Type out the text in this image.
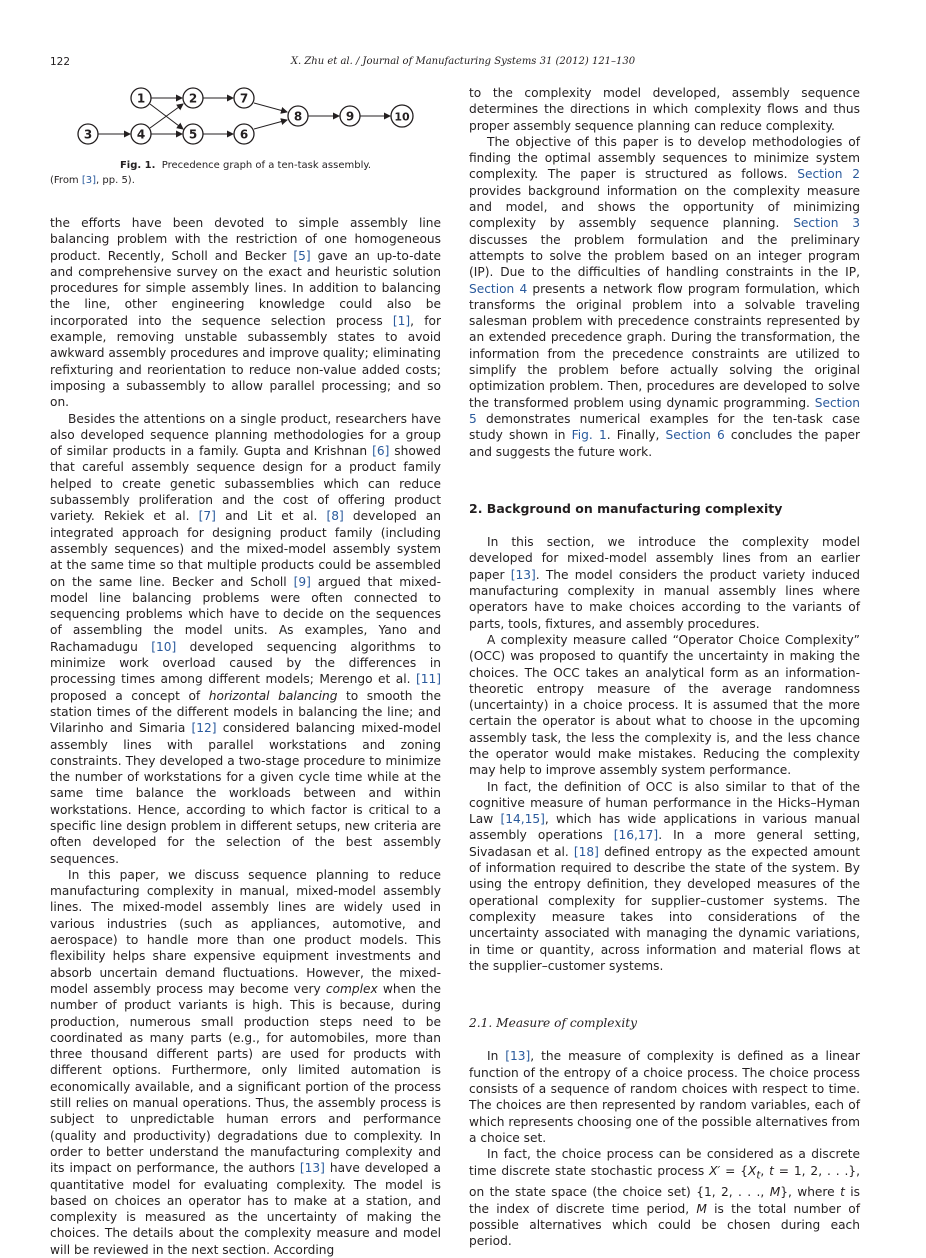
122	X. Zhu et al. / Journal of Manufacturing Systems 31 (2012) 121–130
1	2	7
3	4	5	6
8	9	10
Fig. 1. Precedence graph of a ten-task assembly.
(From [3], pp. 5).

the efforts have been devoted to simple assembly line balancing problem with the restriction of one homogeneous product. Recently, Scholl and Becker [5] gave an up-to-date and comprehensive survey on the exact and heuristic solution procedures for simple assembly lines. In addition to balancing the line, other engineering knowledge could also be incorporated into the sequence selection process [1], for example, removing unstable subassembly states to avoid awkward assembly procedures and improve quality; eliminating refixturing and reorientation to reduce non-value added costs; imposing a subassembly to allow parallel processing; and so on.

Besides the attentions on a single product, researchers have also developed sequence planning methodologies for a group of similar products in a family. Gupta and Krishnan [6] showed that careful assembly sequence design for a product family helped to create genetic subassemblies which can reduce subassembly proliferation and the cost of offering product variety. Rekiek et al. [7] and Lit et al. [8] developed an integrated approach for designing product family (including assembly sequences) and the mixed-model assembly system at the same time so that multiple products could be assembled on the same line. Becker and Scholl [9] argued that mixed-model line balancing problems were often connected to sequencing problems which have to decide on the sequences of assembling the model units. As examples, Yano and Rachamadugu [10] developed sequencing algorithms to minimize work overload caused by the differences in processing times among different models; Merengo et al. [11] proposed a concept of horizontal balancing to smooth the station times of the different models in balancing the line; and Vilarinho and Simaria [12] considered balancing mixed-model assembly lines with parallel workstations and zoning constraints. They developed a two-stage procedure to minimize the number of workstations for a given cycle time while at the same time balance the workloads between and within workstations. Hence, according to which factor is critical to a specific line design problem in different setups, new criteria are often developed for the selection of the best assembly sequences.

In this paper, we discuss sequence planning to reduce manufacturing complexity in manual, mixed-model assembly lines. The mixed-model assembly lines are widely used in various industries (such as appliances, automotive, and aerospace) to handle more than one product models. This flexibility helps share expensive equipment investments and absorb uncertain demand fluctuations. However, the mixed-model assembly process may become very complex when the number of product variants is high. This is because, during production, numerous small production steps need to be coordinated as many parts (e.g., for automobiles, more than three thousand different parts) are used for products with different options. Furthermore, only limited automation is economically available, and a significant portion of the process still relies on manual operations. Thus, the assembly process is subject to unpredictable human errors and performance (quality and productivity) degradations due to complexity. In order to better understand the manufacturing complexity and its impact on performance, the authors [13] have developed a quantitative model for evaluating complexity. The model is based on choices an operator has to make at a station, and complexity is measured as the uncertainty of making the choices. The details about the complexity measure and model will be reviewed in the next section. According

to the complexity model developed, assembly sequence determines the directions in which complexity flows and thus proper assembly sequence planning can reduce complexity.

The objective of this paper is to develop methodologies of finding the optimal assembly sequences to minimize system complexity. The paper is structured as follows. Section 2 provides background information on the complexity measure and model, and shows the opportunity of minimizing complexity by assembly sequence planning. Section 3 discusses the problem formulation and the preliminary attempts to solve the problem based on an integer program (IP). Due to the difficulties of handling constraints in the IP, Section 4 presents a network flow program formulation, which transforms the original problem into a solvable traveling salesman problem with precedence constraints represented by an extended precedence graph. During the transformation, the information from the precedence constraints are utilized to simplify the problem before actually solving the original optimization problem. Then, procedures are developed to solve the transformed problem using dynamic programming. Section 5 demonstrates numerical examples for the ten-task case study shown in Fig. 1. Finally, Section 6 concludes the paper and suggests the future work.

2. Background on manufacturing complexity

In this section, we introduce the complexity model developed for mixed-model assembly lines from an earlier paper [13]. The model considers the product variety induced manufacturing complexity in manual assembly lines where operators have to make choices according to the variants of parts, tools, fixtures, and assembly procedures.

A complexity measure called “Operator Choice Complexity” (OCC) was proposed to quantify the uncertainty in making the choices. The OCC takes an analytical form as an information-theoretic entropy measure of the average randomness (uncertainty) in a choice process. It is assumed that the more certain the operator is about what to choose in the upcoming assembly task, the less the complexity is, and the less chance the operator would make mistakes. Reducing the complexity may help to improve assembly system performance.

In fact, the definition of OCC is also similar to that of the cognitive measure of human performance in the Hicks–Hyman Law [14,15], which has wide applications in various manual assembly operations [16,17]. In a more general setting, Sivadasan et al. [18] defined entropy as the expected amount of information required to describe the state of the system. By using the entropy definition, they developed measures of the operational complexity for supplier–customer systems. The complexity measure takes into considerations of the uncertainty associated with managing the dynamic variations, in time or quantity, across information and material flows at the supplier–customer systems.

2.1. Measure of complexity

In [13], the measure of complexity is defined as a linear function of the entropy of a choice process. The choice process consists of a sequence of random choices with respect to time. The choices are then represented by random variables, each of which represents choosing one of the possible alternatives from a choice set.

In fact, the choice process can be considered as a discrete time discrete state stochastic process $X' = \{X_t$, t = 1, 2, . . .}, on the state space (the choice set) {1, 2, . . ., M}, where t is the index of discrete time period, M is the total number of possible alternatives which could be chosen during each period.
